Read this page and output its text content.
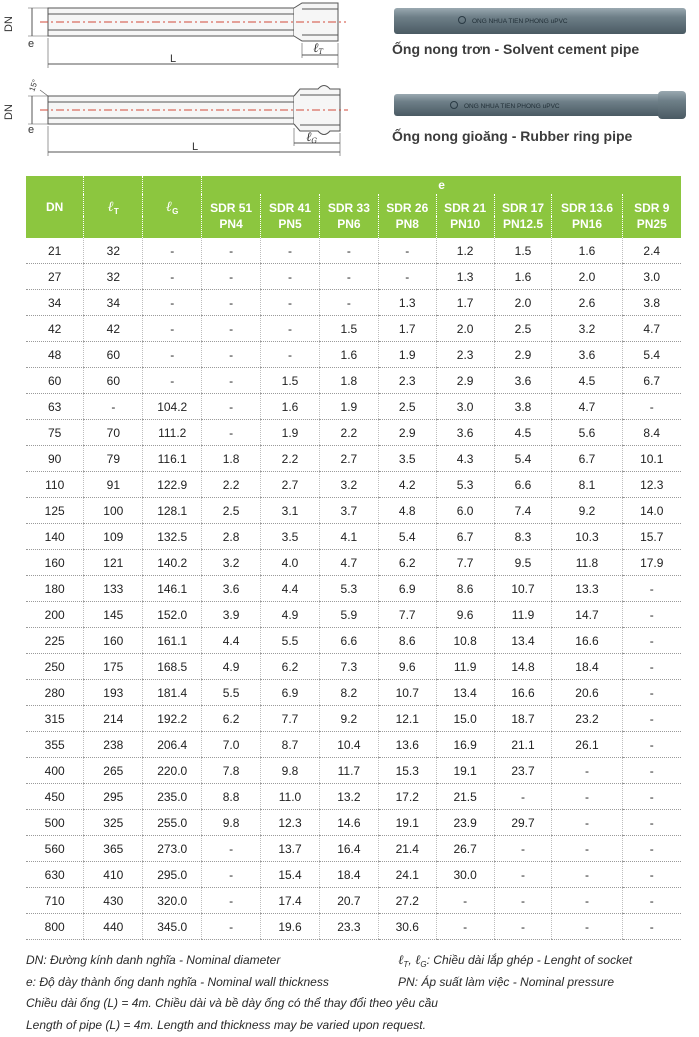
DN
e
L
ℓT
DN
15°
e
L
ℓG
ONG NHUA TIEN PHONG uPVC
Ống nong trơn - Solvent cement pipe
ONG NHUA TIEN PHONG uPVC
Ống nong gioăng - Rubber ring pipe
DN	ℓ$_T$	ℓ$_G$	e							
			SDR 51	SDR 41	SDR 33	SDR 26	SDR 21	SDR 17	SDR 13.6	SDR 9
			PN4	PN5	PN6	PN8	PN10	PN12.5	PN16	PN25
21	32	-	-	-	-	-	1.2	1.5	1.6	2.4
27	32	-	-	-	-	-	1.3	1.6	2.0	3.0
34	34	-	-	-	-	1.3	1.7	2.0	2.6	3.8
42	42	-	-	-	1.5	1.7	2.0	2.5	3.2	4.7
48	60	-	-	-	1.6	1.9	2.3	2.9	3.6	5.4
60	60	-	-	1.5	1.8	2.3	2.9	3.6	4.5	6.7
63	-	104.2	-	1.6	1.9	2.5	3.0	3.8	4.7	-
75	70	111.2	-	1.9	2.2	2.9	3.6	4.5	5.6	8.4
90	79	116.1	1.8	2.2	2.7	3.5	4.3	5.4	6.7	10.1
110	91	122.9	2.2	2.7	3.2	4.2	5.3	6.6	8.1	12.3
125	100	128.1	2.5	3.1	3.7	4.8	6.0	7.4	9.2	14.0
140	109	132.5	2.8	3.5	4.1	5.4	6.7	8.3	10.3	15.7
160	121	140.2	3.2	4.0	4.7	6.2	7.7	9.5	11.8	17.9
180	133	146.1	3.6	4.4	5.3	6.9	8.6	10.7	13.3	-
200	145	152.0	3.9	4.9	5.9	7.7	9.6	11.9	14.7	-
225	160	161.1	4.4	5.5	6.6	8.6	10.8	13.4	16.6	-
250	175	168.5	4.9	6.2	7.3	9.6	11.9	14.8	18.4	-
280	193	181.4	5.5	6.9	8.2	10.7	13.4	16.6	20.6	-
315	214	192.2	6.2	7.7	9.2	12.1	15.0	18.7	23.2	-
355	238	206.4	7.0	8.7	10.4	13.6	16.9	21.1	26.1	-
400	265	220.0	7.8	9.8	11.7	15.3	19.1	23.7	-	-
450	295	235.0	8.8	11.0	13.2	17.2	21.5	-	-	-
500	325	255.0	9.8	12.3	14.6	19.1	23.9	29.7	-	-
560	365	273.0	-	13.7	16.4	21.4	26.7	-	-	-
630	410	295.0	-	15.4	18.4	24.1	30.0	-	-	-
710	430	320.0	-	17.4	20.7	27.2	-	-	-	-
800	440	345.0	-	19.6	23.3	30.6	-	-	-	-
DN: Đường kính danh nghĩa - Nominal diameter	ℓ$_T$, ℓ$_G$: Chiều dài lắp ghép - Lenght of socket
e: Độ dày thành ống danh nghĩa - Nominal wall thickness	PN: Áp suất làm việc - Nominal pressure
Chiều dài ống (L) = 4m. Chiều dài và bề dày ống có thể thay đổi theo yêu cầu
Length of pipe (L) = 4m. Length and thickness may be varied upon request.
